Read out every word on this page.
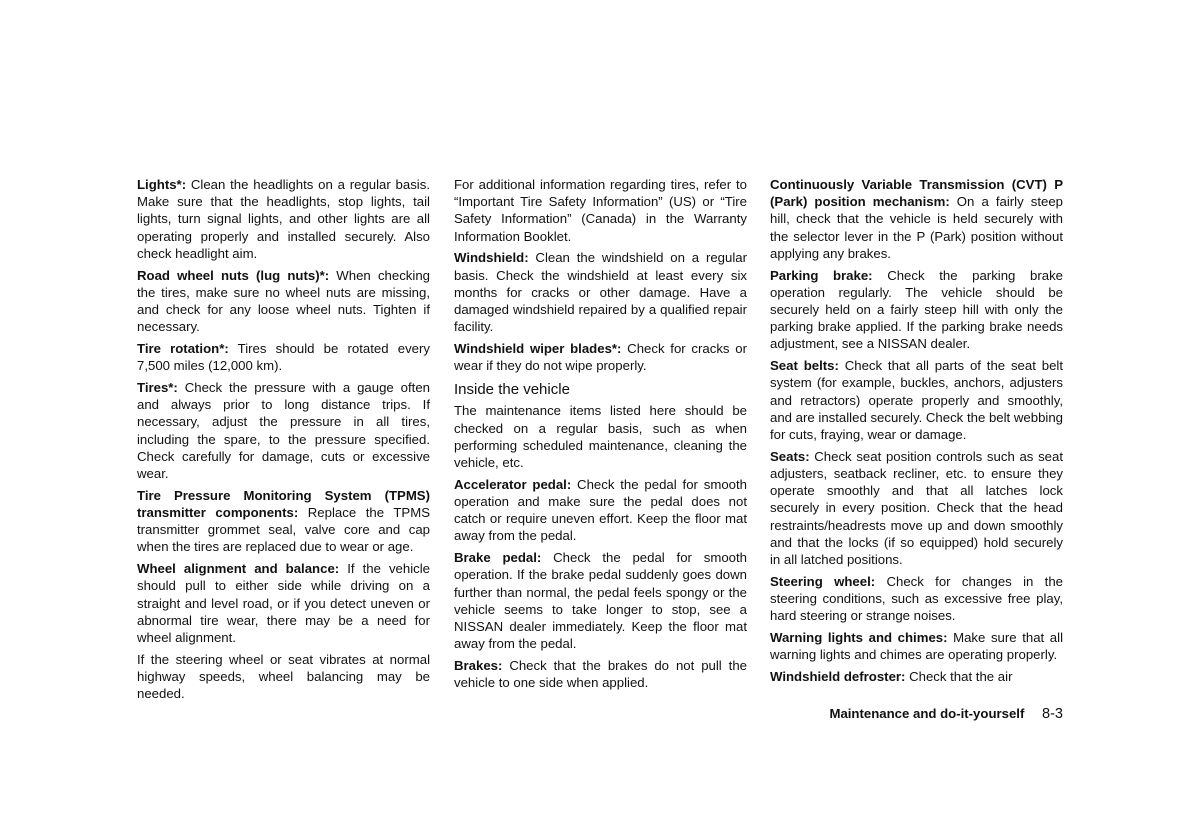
Lights*: Clean the headlights on a regular basis. Make sure that the headlights, stop lights, tail lights, turn signal lights, and other lights are all operating properly and installed securely. Also check headlight aim.

Road wheel nuts (lug nuts)*: When checking the tires, make sure no wheel nuts are missing, and check for any loose wheel nuts. Tighten if necessary.

Tire rotation*: Tires should be rotated every 7,500 miles (12,000 km).

Tires*: Check the pressure with a gauge often and always prior to long distance trips. If necessary, adjust the pressure in all tires, including the spare, to the pressure specified. Check carefully for damage, cuts or excessive wear.

Tire Pressure Monitoring System (TPMS) transmitter components: Replace the TPMS transmitter grommet seal, valve core and cap when the tires are replaced due to wear or age.

Wheel alignment and balance: If the vehicle should pull to either side while driving on a straight and level road, or if you detect uneven or abnormal tire wear, there may be a need for wheel alignment.

If the steering wheel or seat vibrates at normal highway speeds, wheel balancing may be needed.

For additional information regarding tires, refer to “Important Tire Safety Information” (US) or “Tire Safety Information” (Canada) in the Warranty Information Booklet.

Windshield: Clean the windshield on a regular basis. Check the windshield at least every six months for cracks or other damage. Have a damaged windshield repaired by a qualified repair facility.

Windshield wiper blades*: Check for cracks or wear if they do not wipe properly.

Inside the vehicle

The maintenance items listed here should be checked on a regular basis, such as when performing scheduled maintenance, cleaning the vehicle, etc.

Accelerator pedal: Check the pedal for smooth operation and make sure the pedal does not catch or require uneven effort. Keep the floor mat away from the pedal.

Brake pedal: Check the pedal for smooth operation. If the brake pedal suddenly goes down further than normal, the pedal feels spongy or the vehicle seems to take longer to stop, see a NISSAN dealer immediately. Keep the floor mat away from the pedal.

Brakes: Check that the brakes do not pull the vehicle to one side when applied.

Continuously Variable Transmission (CVT) P (Park) position mechanism: On a fairly steep hill, check that the vehicle is held securely with the selector lever in the P (Park) position without applying any brakes.

Parking brake: Check the parking brake operation regularly. The vehicle should be securely held on a fairly steep hill with only the parking brake applied. If the parking brake needs adjustment, see a NISSAN dealer.

Seat belts: Check that all parts of the seat belt system (for example, buckles, anchors, adjusters and retractors) operate properly and smoothly, and are installed securely. Check the belt webbing for cuts, fraying, wear or damage.

Seats: Check seat position controls such as seat adjusters, seatback recliner, etc. to ensure they operate smoothly and that all latches lock securely in every position. Check that the head restraints/headrests move up and down smoothly and that the locks (if so equipped) hold securely in all latched positions.

Steering wheel: Check for changes in the steering conditions, such as excessive free play, hard steering or strange noises.

Warning lights and chimes: Make sure that all warning lights and chimes are operating properly.

Windshield defroster: Check that the air

Maintenance and do-it-yourself 8-3
